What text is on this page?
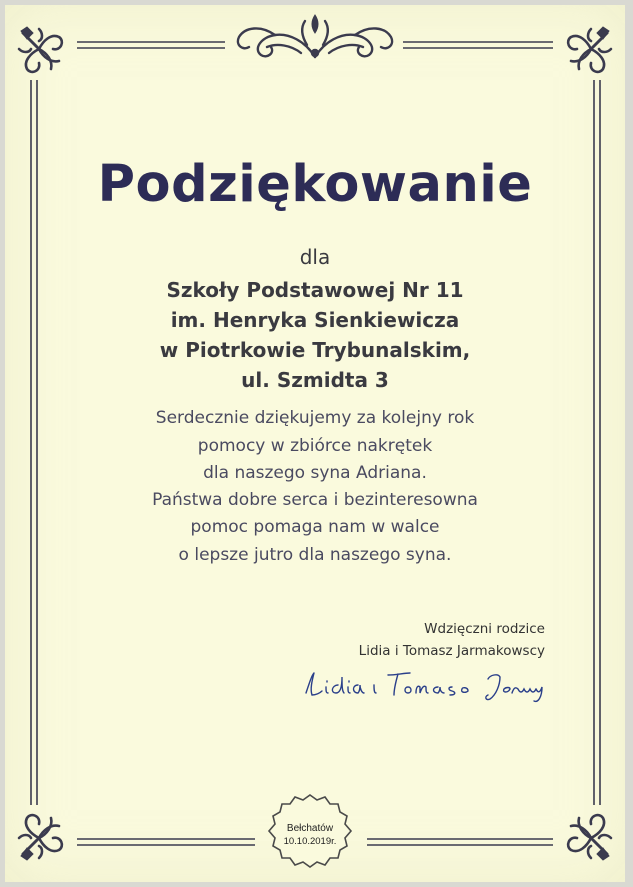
Podziękowanie
dla
Szkoły Podstawowej Nr 11
im. Henryka Sienkiewicza
w Piotrkowie Trybunalskim,
ul. Szmidta 3
Serdecznie dziękujemy za kolejny rok
pomocy w zbiórce nakrętek
dla naszego syna Adriana.
Państwa dobre serca i bezinteresowna
pomoc pomaga nam w walce
o lepsze jutro dla naszego syna.
Wdzięczni rodzice
Lidia i Tomasz Jarmakowscy
Bełchatów
10.10.2019r.
